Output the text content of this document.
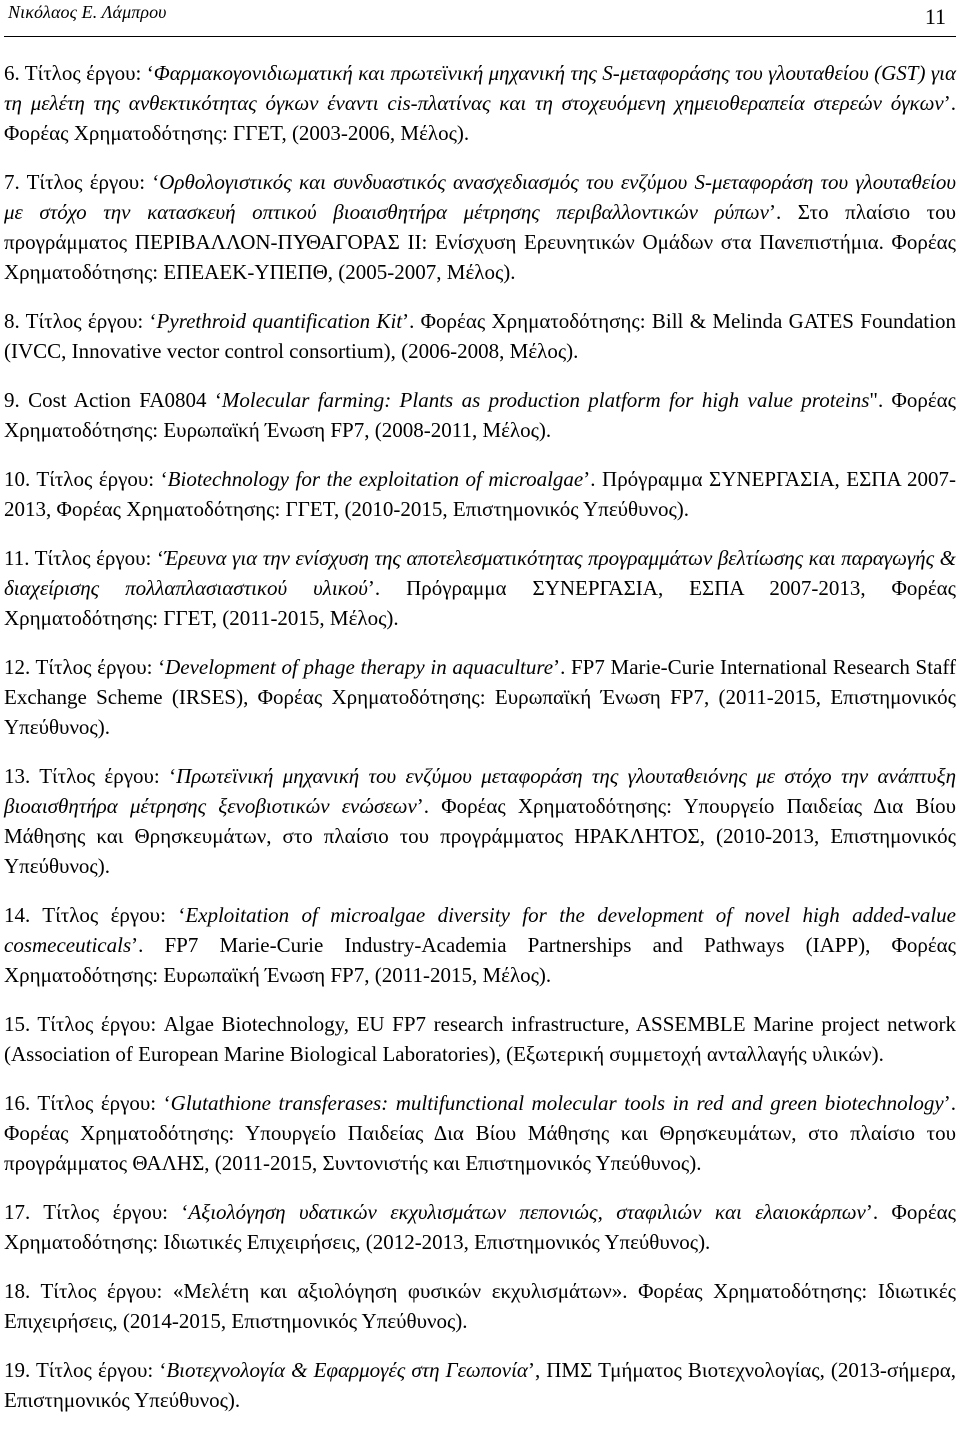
Νικόλαος Ε. Λάμπρου	11

6. Τίτλος έργου: ‘Φαρμακογονιδιωματική και πρωτεϊνική μηχανική της S-μεταφοράσης του γλουταθείου (GST) για τη μελέτη της ανθεκτικότητας όγκων έναντι cis-πλατίνας και τη στοχευόμενη χημειοθεραπεία στερεών όγκων’. Φορέας Χρηματοδότησης: ΓΓΕΤ, (2003-2006, Μέλος).

7. Τίτλος έργου: ‘Ορθολογιστικός και συνδυαστικός ανασχεδιασμός του ενζύμου S-μεταφοράση του γλουταθείου με στόχο την κατασκευή οπτικού βιοαισθητήρα μέτρησης περιβαλλοντικών ρύπων’. Στο πλαίσιο του προγράμματος ΠΕΡΙΒΑΛΛΟΝ-ΠΥΘΑΓΟΡΑΣ ΙΙ: Ενίσχυση Ερευνητικών Ομάδων στα Πανεπιστήμια. Φορέας Χρηματοδότησης: ΕΠΕΑΕΚ-ΥΠΕΠΘ, (2005-2007, Μέλος).

8. Τίτλος έργου: ‘Pyrethroid quantification Kit’. Φορέας Χρηματοδότησης: Bill & Melinda GATES Foundation (IVCC, Innovative vector control consortium), (2006-2008, Μέλος).

9. Cost Action FA0804 ‘Molecular farming: Plants as production platform for high value proteins". Φορέας Χρηματοδότησης: Ευρωπαϊκή Ένωση FP7, (2008-2011, Μέλος).

10. Τίτλος έργου: ‘Biotechnology for the exploitation of microalgae’. Πρόγραμμα ΣΥΝΕΡΓΑΣΙΑ, ΕΣΠΑ 2007-2013, Φορέας Χρηματοδότησης: ΓΓΕΤ, (2010-2015, Επιστημονικός Υπεύθυνος).

11. Τίτλος έργου: ‘Έρευνα για την ενίσχυση της αποτελεσματικότητας προγραμμάτων βελτίωσης και παραγωγής & διαχείρισης πολλαπλασιαστικού υλικού’. Πρόγραμμα ΣΥΝΕΡΓΑΣΙΑ, ΕΣΠΑ 2007-2013, Φορέας Χρηματοδότησης: ΓΓΕΤ, (2011-2015, Μέλος).

12. Τίτλος έργου: ‘Development of phage therapy in aquaculture’. FP7 Marie-Curie International Research Staff Exchange Scheme (IRSES), Φορέας Χρηματοδότησης: Ευρωπαϊκή Ένωση FP7, (2011-2015, Επιστημονικός Υπεύθυνος).

13. Τίτλος έργου: ‘Πρωτεϊνική μηχανική του ενζύμου μεταφοράση της γλουταθειόνης με στόχο την ανάπτυξη βιοαισθητήρα μέτρησης ξενοβιοτικών ενώσεων’. Φορέας Χρηματοδότησης: Υπουργείο Παιδείας Δια Βίου Μάθησης και Θρησκευμάτων, στο πλαίσιο του προγράμματος ΗΡΑΚΛΗΤΟΣ, (2010-2013, Επιστημονικός Υπεύθυνος).

14. Τίτλος έργου: ‘Exploitation of microalgae diversity for the development of novel high added-value cosmeceuticals’. FP7 Marie-Curie Industry-Academia Partnerships and Pathways (IAPP), Φορέας Χρηματοδότησης: Ευρωπαϊκή Ένωση FP7, (2011-2015, Μέλος).

15. Τίτλος έργου: Algae Biotechnology, EU FP7 research infrastructure, ASSEMBLE Marine project network (Association of European Marine Biological Laboratories), (Εξωτερική συμμετοχή ανταλλαγής υλικών).

16. Τίτλος έργου: ‘Glutathione transferases: multifunctional molecular tools in red and green biotechnology’. Φορέας Χρηματοδότησης: Υπουργείο Παιδείας Δια Βίου Μάθησης και Θρησκευμάτων, στο πλαίσιο του προγράμματος ΘΑΛΗΣ, (2011-2015, Συντονιστής και Επιστημονικός Υπεύθυνος).

17. Τίτλος έργου: ‘Αξιολόγηση υδατικών εκχυλισμάτων πεπονιώς, σταφιλιών και ελαιοκάρπων’. Φορέας Χρηματοδότησης: Ιδιωτικές Επιχειρήσεις, (2012-2013, Επιστημονικός Υπεύθυνος).

18. Τίτλος έργου: «Μελέτη και αξιολόγηση φυσικών εκχυλισμάτων». Φορέας Χρηματοδότησης: Ιδιωτικές Επιχειρήσεις, (2014-2015, Επιστημονικός Υπεύθυνος).

19. Τίτλος έργου: ‘Βιοτεχνολογία & Εφαρμογές στη Γεωπονία’, ΠΜΣ Τμήματος Βιοτεχνολογίας, (2013-σήμερα, Επιστημονικός Υπεύθυνος).
